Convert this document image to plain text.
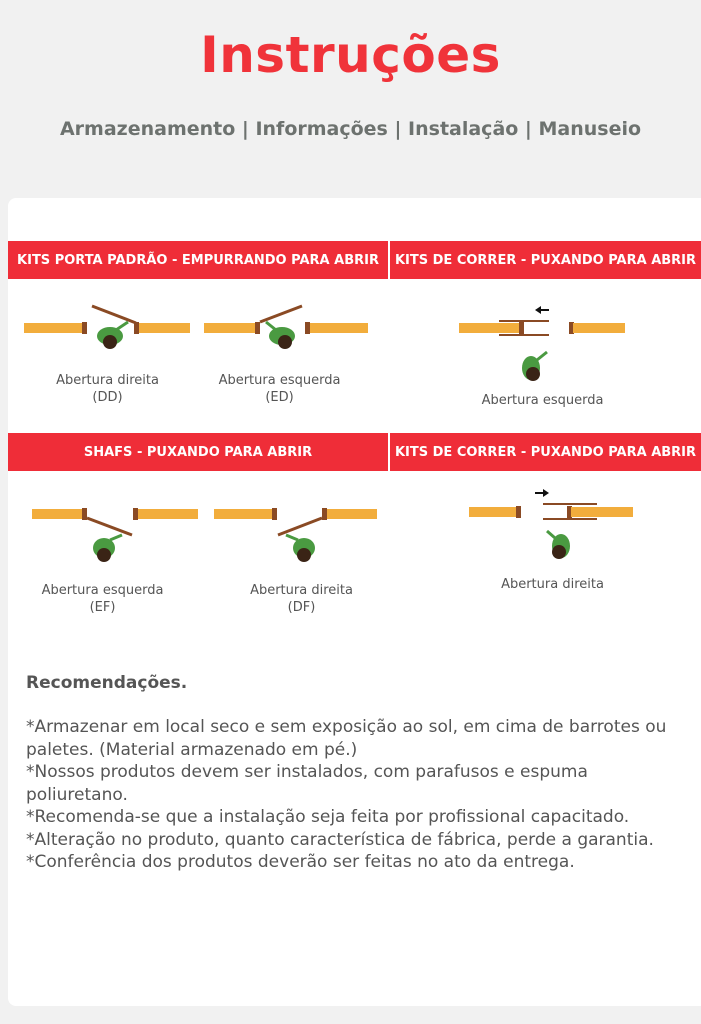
Instruções

Armazenamento | Informações | Instalação | Manuseio

KITS PORTA PADRÃO - EMPURRANDO PARA ABRIR	KITS DE CORRER - PUXANDO PARA ABRIR
SHAFS - PUXANDO PARA ABRIR	KITS DE CORRER - PUXANDO PARA ABRIR
Abertura direita
(DD)
Abertura esquerda
(ED)	Abertura esquerda
Abertura esquerda
(EF)
Abertura direita
(DF)
Abertura direita
Recomendações.
*Armazenar em local seco e sem exposição ao sol, em cima de barrotes ou paletes. (Material armazenado em pé.)
*Nossos produtos devem ser instalados, com parafusos e espuma poliuretano.
*Recomenda-se que a instalação seja feita por profissional capacitado.
*Alteração no produto, quanto característica de fábrica, perde a garantia.
*Conferência dos produtos deverão ser feitas no ato da entrega.
